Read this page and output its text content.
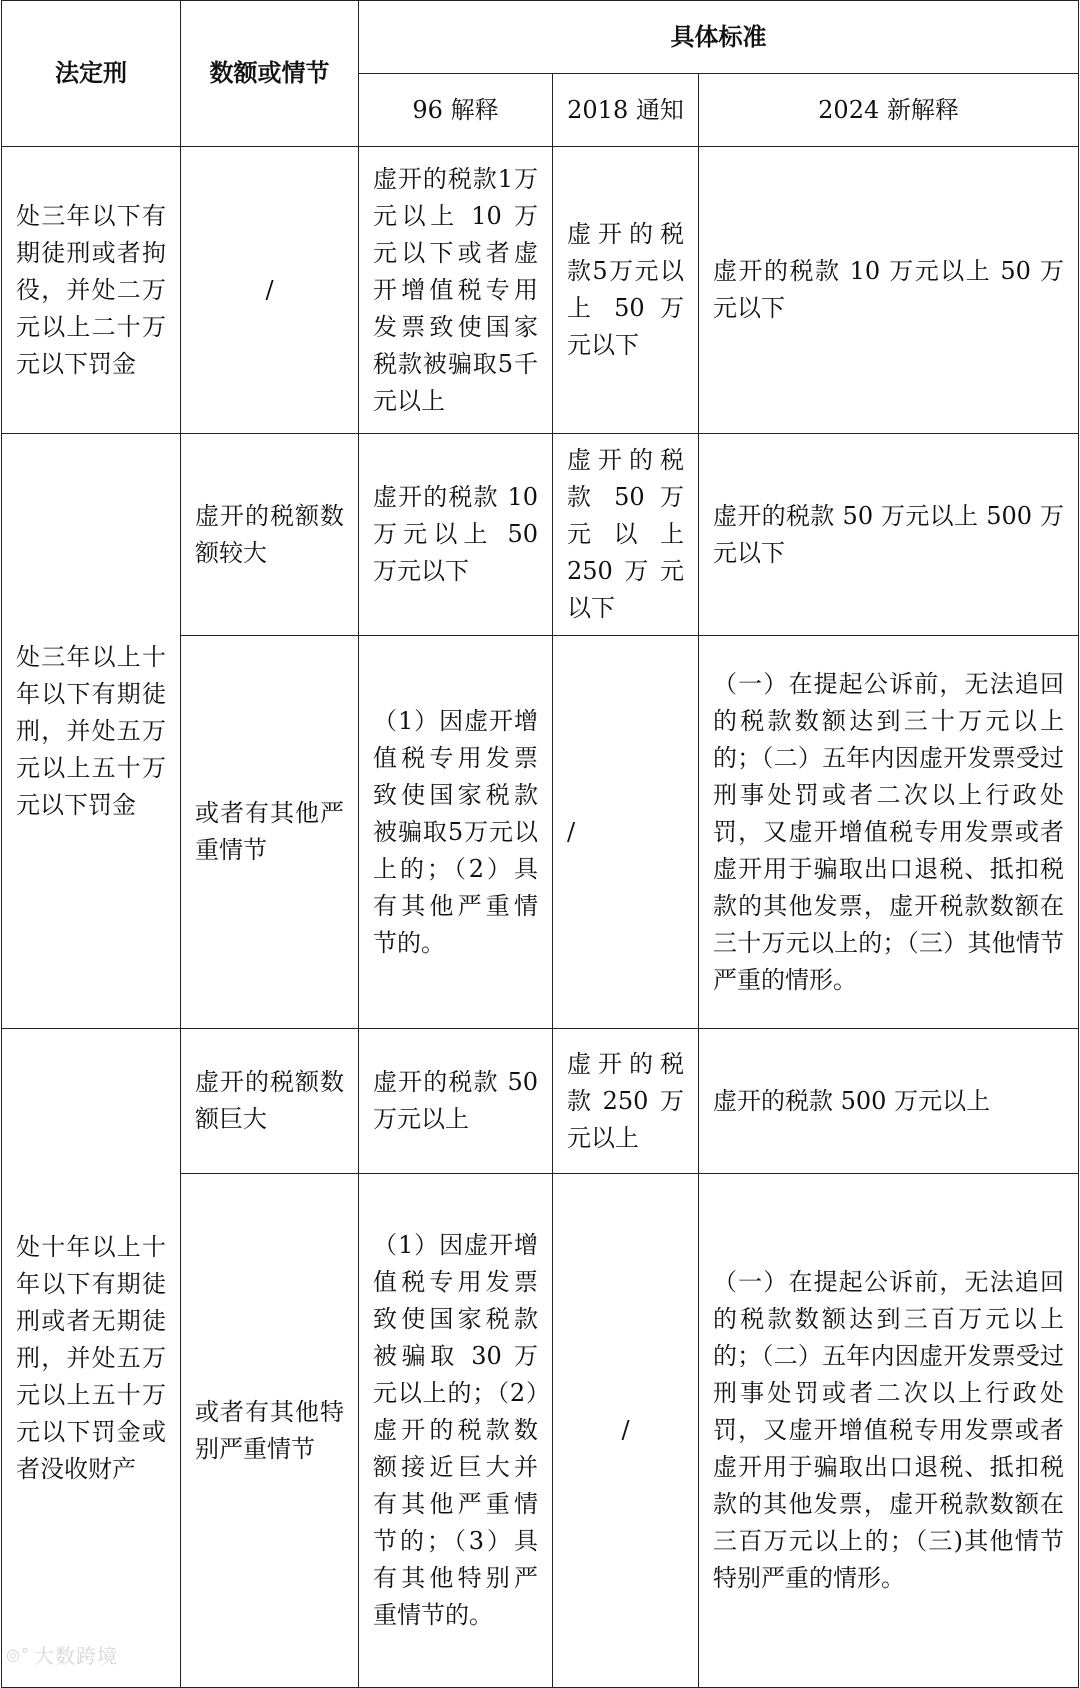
法定刑	数额或情节	具体标准		
		96 解释	2018 通知	2024 新解释
处三年以下有期徒刑或者拘役，并处二万元以上二十万元以下罚金	/	虚开的税款1万元以上 10 万元以下或者虚开增值税专用发票致使国家税款被骗取5千元以上	虚开的税款5万元以上 50 万元以下	虚开的税款 10 万元以上 50 万元以下
处三年以上十年以下有期徒刑，并处五万元以上五十万元以下罚金	虚开的税额数额较大	虚开的税款 10 万元以上 50 万元以下	虚开的税款 50 万元以上250万元以下	虚开的税款 50 万元以上 500 万元以下
	或者有其他严重情节	（1）因虚开增值税专用发票致使国家税款被骗取5万元以上的；（2）具有其他严重情节的。	/	（一）在提起公诉前，无法追回的税款数额达到三十万元以上的；（二）五年内因虚开发票受过刑事处罚或者二次以上行政处罚，又虚开增值税专用发票或者虚开用于骗取出口退税、抵扣税款的其他发票，虚开税款数额在三十万元以上的；（三）其他情节严重的情形。
处十年以上十年以下有期徒刑或者无期徒刑，并处五万元以上五十万元以下罚金或者没收财产	虚开的税额数额巨大	虚开的税款 50 万元以上	虚开的税款250万元以上	虚开的税款 500 万元以上
	或者有其他特别严重情节	（1）因虚开增值税专用发票致使国家税款被骗取 30 万元以上的；（2）虚开的税款数额接近巨大并有其他严重情节的；（3）具有其他特别严重情节的。	/	（一）在提起公诉前，无法追回的税款数额达到三百万元以上的；（二）五年内因虚开发票受过刑事处罚或者二次以上行政处罚，又虚开增值税专用发票或者虚开用于骗取出口退税、抵扣税款的其他发票，虚开税款数额在三百万元以上的；（三)其他情节特别严重的情形。
◎° 大数跨境
